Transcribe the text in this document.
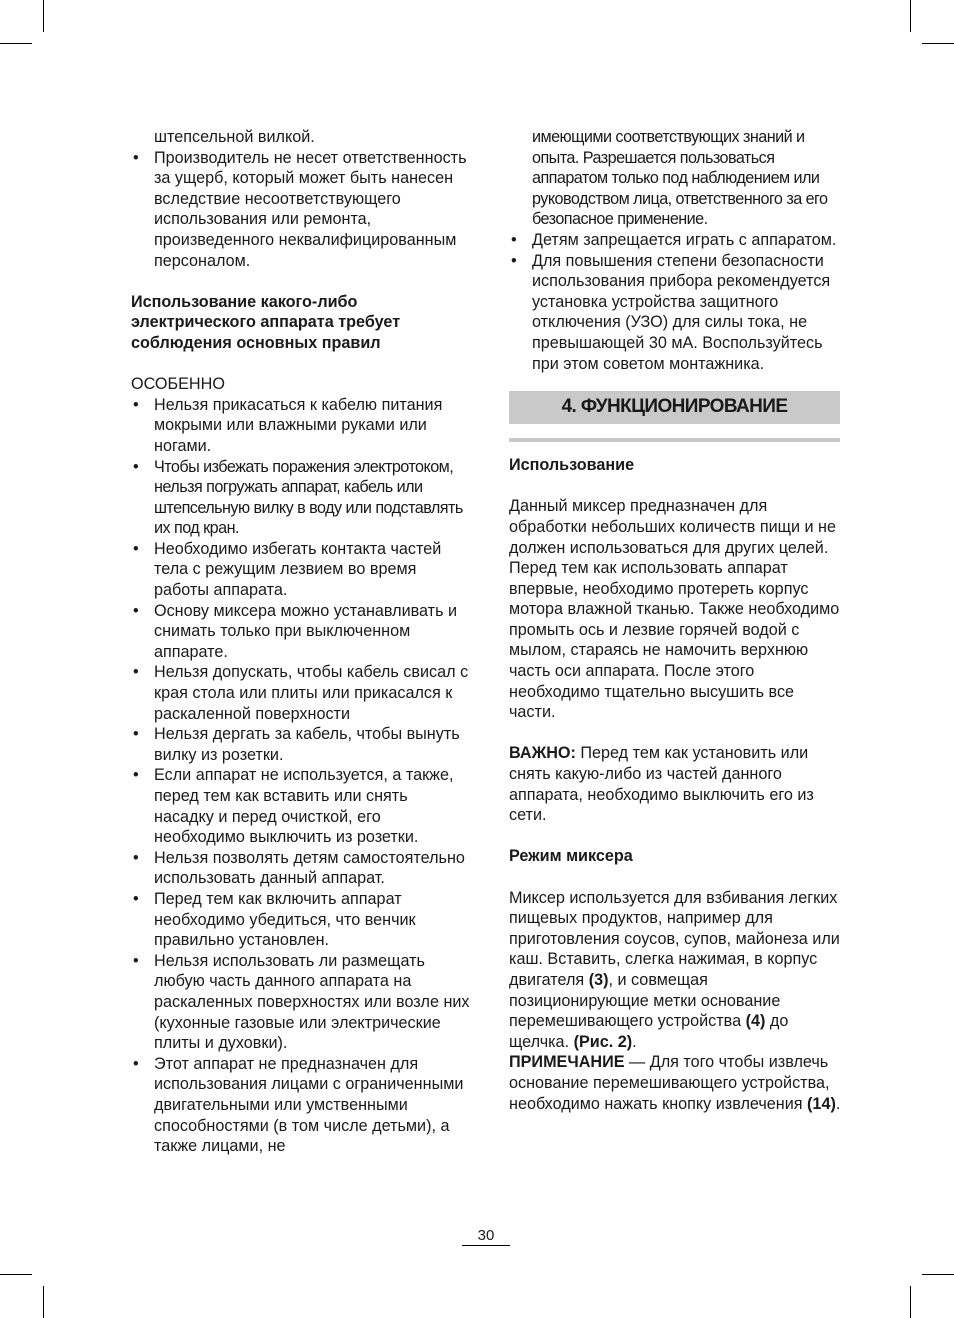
штепсельной вилкой.

• Производитель не несет ответственность за ущерб, который может быть нанесен вследствие несоответствующего использования или ремонта, произведенного неквалифицированным персоналом.

Использование какого-либо электрического аппарата требует соблюдения основных правил

ОСОБЕННО

• Нельзя прикасаться к кабелю питания мокрыми или влажными руками или ногами.
• Чтобы избежать поражения электротоком, нельзя погружать аппарат, кабель или штепсельную вилку в воду или подставлять их под кран.
• Необходимо избегать контакта частей тела с режущим лезвием во время работы аппарата.
• Основу миксера можно устанавливать и снимать только при выключенном аппарате.
• Нельзя допускать, чтобы кабель свисал с края стола или плиты или прикасался к раскаленной поверхности
• Нельзя дергать за кабель, чтобы вынуть вилку из розетки.
• Если аппарат не используется, а также, перед тем как вставить или снять насадку и перед очисткой, его необходимо выключить из розетки.
• Нельзя позволять детям самостоятельно использовать данный аппарат.
• Перед тем как включить аппарат необходимо убедиться, что венчик правильно установлен.
• Нельзя использовать ли размещать любую часть данного аппарата на раскаленных поверхностях или возле них (кухонные газовые или электрические плиты и духовки).
• Этот аппарат не предназначен для использования лицами с ограниченными двигательными или умственными способностями (в том числе детьми), а также лицами, не

имеющими соответствующих знаний и опыта. Разрешается пользоваться аппаратом только под наблюдением или руководством лица, ответственного за его безопасное применение.

• Детям запрещается играть с аппаратом.
• Для повышения степени безопасности использования прибора рекомендуется установка устройства защитного отключения (УЗО) для силы тока, не превышающей 30 мА. Воспользуйтесь при этом советом монтажника.
4. ФУНКЦИОНИРОВАНИЕ

Использование

Данный миксер предназначен для обработки небольших количеств пищи и не должен использоваться для других целей.

Перед тем как использовать аппарат впервые, необходимо протереть корпус мотора влажной тканью. Также необходимо промыть ось и лезвие горячей водой с мылом, стараясь не намочить верхнюю часть оси аппарата. После этого необходимо тщательно высушить все части.

ВАЖНО: Перед тем как установить или снять какую-либо из частей данного аппарата, необходимо выключить его из сети.

Режим миксера

Миксер используется для взбивания легких пищевых продуктов, например для приготовления соусов, супов, майонеза или каш. Вставить, слегка нажимая, в корпус двигателя (3), и совмещая позиционирующие метки основание перемешивающего устройства (4) до щелчка. (Рис. 2).
ПРИМЕЧАНИЕ — Для того чтобы извлечь основание перемешивающего устройства, необходимо нажать кнопку извлечения (14).

30
